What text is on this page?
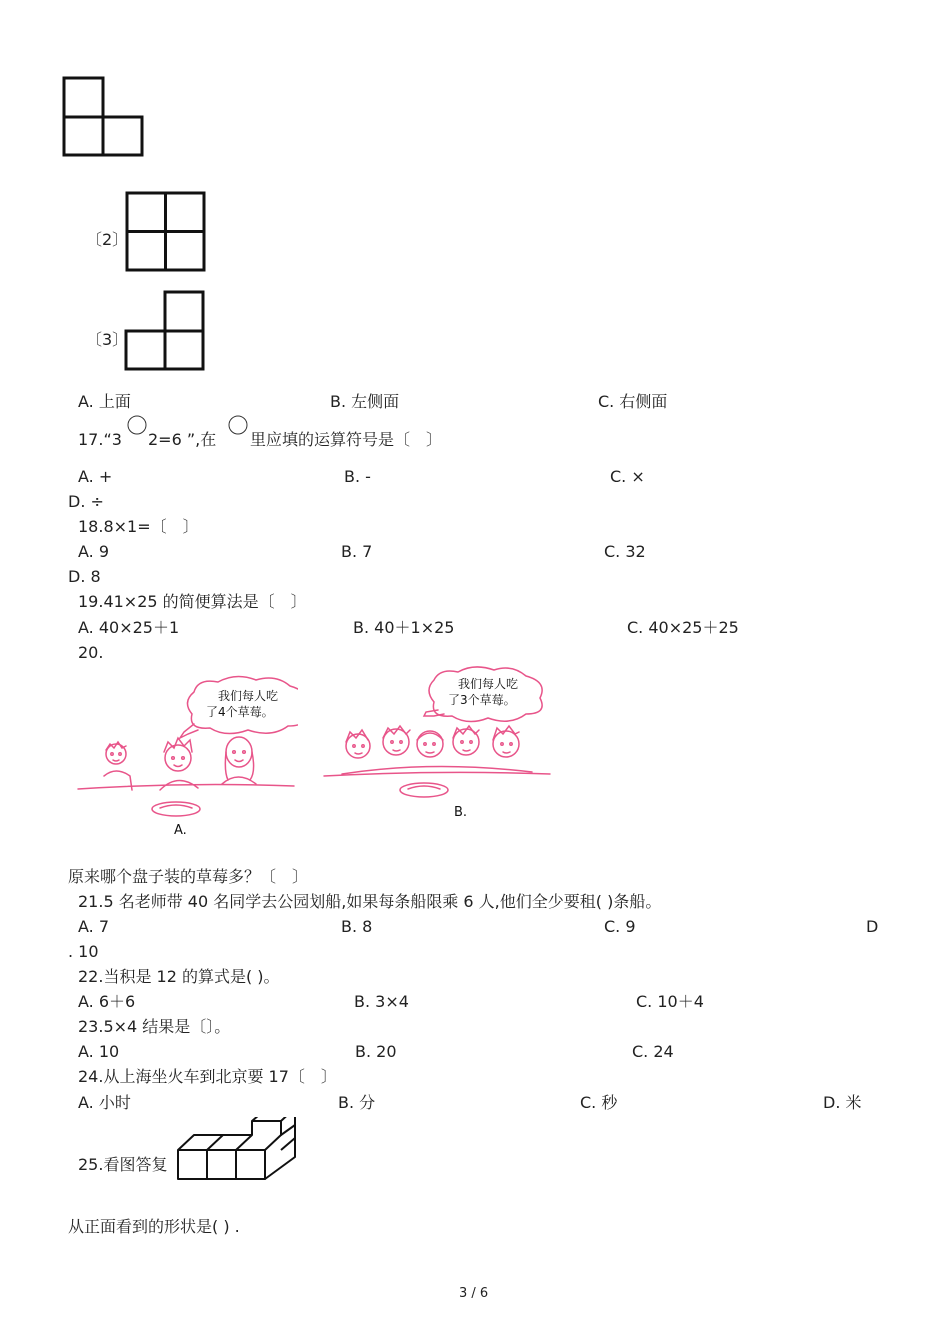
〔2〕
〔3〕
A. 上面	B. 左侧面	C. 右侧面
17.“3 2=6 ”,在 里应填的运算符号是〔　〕
A. +	B. -	C. ×
D. ÷
18.8×1=〔　〕
A. 9	B. 7	C. 32
D. 8
19.41×25 的简便算法是〔　〕
A. 40×25＋1	B. 40＋1×25	C. 40×25＋25
20.
我们每人吃
了4个草莓。
A.
我们每人吃
了3个草莓。
B.
原来哪个盘子装的草莓多？〔　〕
21.5 名老师带 40 名同学去公园划船,如果每条船限乘 6 人,他们全少要租( )条船。
A. 7	B. 8	C. 9	D
. 10
22.当积是 12 的算式是( )。
A. 6＋6	B. 3×4	C. 10＋4
23.5×4 结果是〔〕。
A. 10	B. 20	C. 24
24.从上海坐火车到北京要 17〔　〕
A. 小时	B. 分	C. 秒	D. 米
25.看图答复
从正面看到的形状是( ) .
3 / 6
